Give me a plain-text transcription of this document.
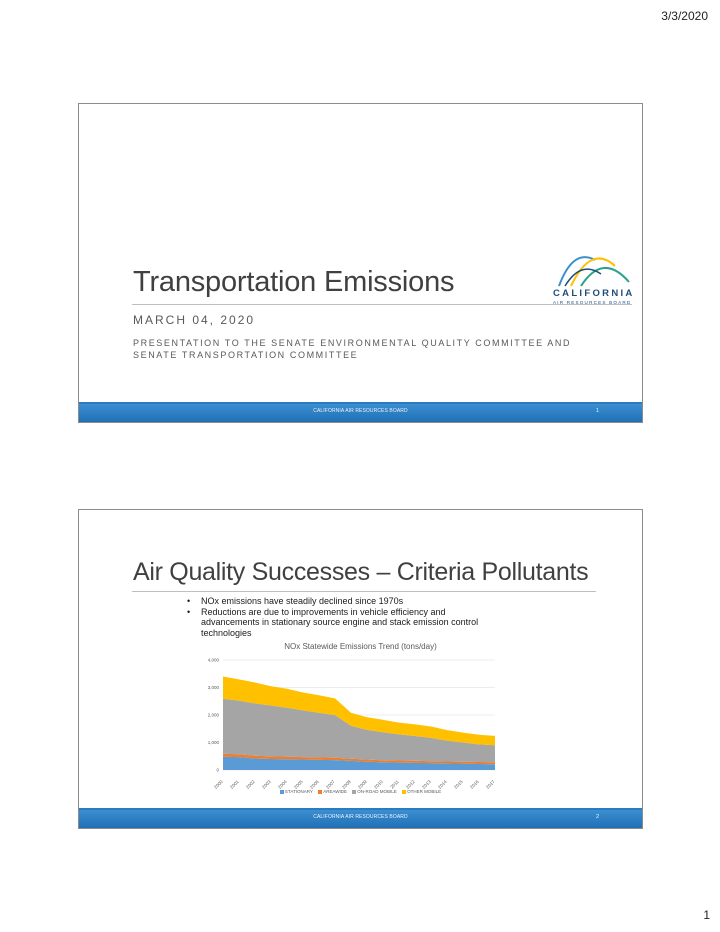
3/3/2020
Transportation Emissions
MARCH 04, 2020
PRESENTATION TO THE SENATE ENVIRONMENTAL QUALITY COMMITTEE AND SENATE TRANSPORTATION COMMITTEE
CALIFORNIA
AIR RESOURCES BOARD
CALIFORNIA AIR RESOURCES BOARD	1
Air Quality Successes – Criteria Pollutants
• NOx emissions have steadily declined since 1970s
• Reductions are due to improvements in vehicle efficiency and advancements in stationary source engine and stack emission control technologies
NOx Statewide Emissions Trend (tons/day)
0
1,000
2,000
3,000
4,000
2000 2001 2002 2003 2004 2005 2006 2007 2008 2009 2010 2011 2012 2013 2014 2015 2016 2017
STATIONARY AREAWIDE ON-ROAD MOBILE OTHER MOBILE
CALIFORNIA AIR RESOURCES BOARD	2
1
